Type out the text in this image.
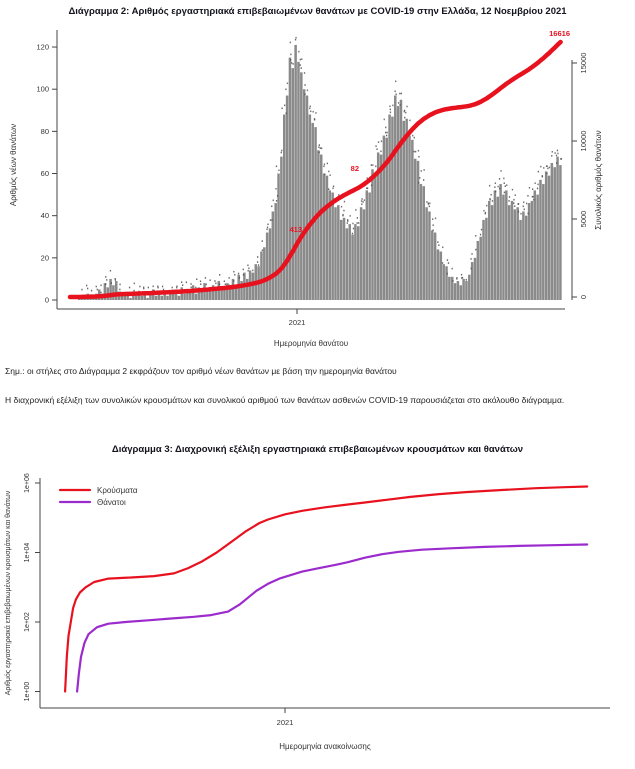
Διάγραμμα 2: Αριθμός εργαστηριακά επιβεβαιωμένων θανάτων με COVID-19 στην Ελλάδα, 12 Νοεμβρίου 2021
0
20
40
60
80
100
120
0
5000
10000
15000
2021
Ημερομηνία θανάτου
Αριθμός νέων θανάτων	Συνολικός αριθμός θανάτων
413
82
16616
Σημ.: οι στήλες στο Διάγραμμα 2 εκφράζουν τον αριθμό νέων θανάτων με βάση την ημερομηνία θανάτου
Η διαχρονική εξέλιξη των συνολικών κρουσμάτων και συνολικού αριθμού των θανάτων ασθενών COVID-19 παρουσιάζεται στο ακόλουθο διάγραμμα.
Διάγραμμα 3: Διαχρονική εξέλιξη εργαστηριακά επιβεβαιωμένων κρουσμάτων και θανάτων
1e+00
1e+02
1e+04
1e+06
2021
Ημερομηνία ανακοίνωσης
Αριθμός εργαστηριακά επιβεβαιωμένων κρουσμάτων και θανάτων
Κρούσματα
Θάνατοι
